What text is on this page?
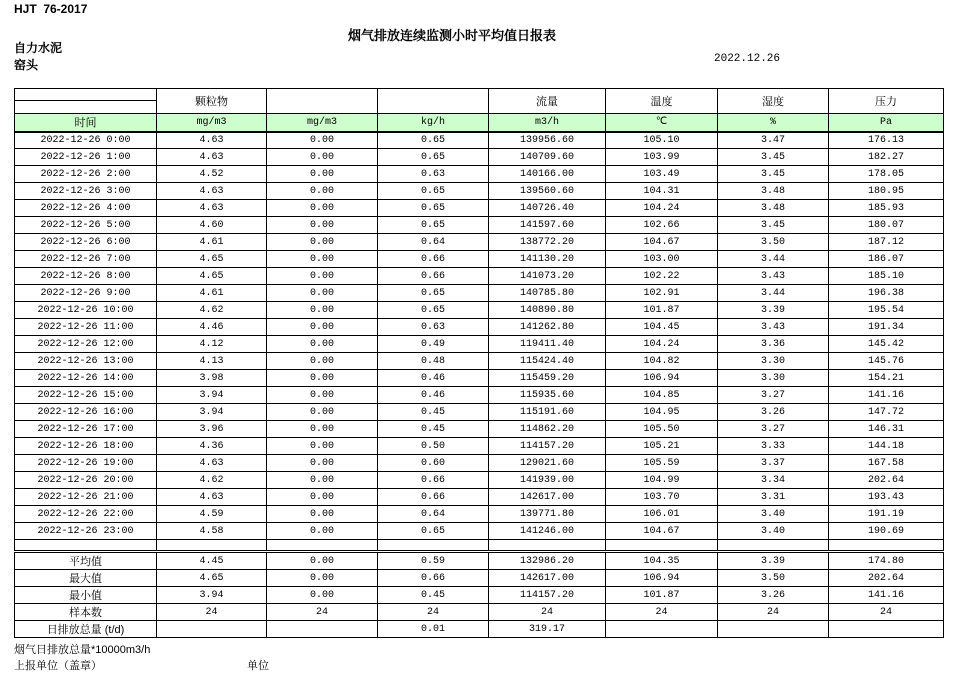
HJT  76-2017
烟气排放连续监测小时平均值日报表
自力水泥
窑头	2022.12.26
	颗粒物			流量	温度	湿度	压力
时间	mg/m3	mg/m3	kg/h	m3/h	℃	%	Pa
2022-12-26 0:00	4.63	0.00	0.65	139956.60	105.10	3.47	176.13
2022-12-26 1:00	4.63	0.00	0.65	140709.60	103.99	3.45	182.27
2022-12-26 2:00	4.52	0.00	0.63	140166.00	103.49	3.45	178.05
2022-12-26 3:00	4.63	0.00	0.65	139560.60	104.31	3.48	180.95
2022-12-26 4:00	4.63	0.00	0.65	140726.40	104.24	3.48	185.93
2022-12-26 5:00	4.60	0.00	0.65	141597.60	102.66	3.45	180.07
2022-12-26 6:00	4.61	0.00	0.64	138772.20	104.67	3.50	187.12
2022-12-26 7:00	4.65	0.00	0.66	141130.20	103.00	3.44	186.07
2022-12-26 8:00	4.65	0.00	0.66	141073.20	102.22	3.43	185.10
2022-12-26 9:00	4.61	0.00	0.65	140785.80	102.91	3.44	196.38
2022-12-26 10:00	4.62	0.00	0.65	140890.80	101.87	3.39	195.54
2022-12-26 11:00	4.46	0.00	0.63	141262.80	104.45	3.43	191.34
2022-12-26 12:00	4.12	0.00	0.49	119411.40	104.24	3.36	145.42
2022-12-26 13:00	4.13	0.00	0.48	115424.40	104.82	3.30	145.76
2022-12-26 14:00	3.98	0.00	0.46	115459.20	106.94	3.30	154.21
2022-12-26 15:00	3.94	0.00	0.46	115935.60	104.85	3.27	141.16
2022-12-26 16:00	3.94	0.00	0.45	115191.60	104.95	3.26	147.72
2022-12-26 17:00	3.96	0.00	0.45	114862.20	105.50	3.27	146.31
2022-12-26 18:00	4.36	0.00	0.50	114157.20	105.21	3.33	144.18
2022-12-26 19:00	4.63	0.00	0.60	129021.60	105.59	3.37	167.58
2022-12-26 20:00	4.62	0.00	0.66	141939.00	104.99	3.34	202.64
2022-12-26 21:00	4.63	0.00	0.66	142617.00	103.70	3.31	193.43
2022-12-26 22:00	4.59	0.00	0.64	139771.80	106.01	3.40	191.19
2022-12-26 23:00	4.58	0.00	0.65	141246.00	104.67	3.40	190.69

平均值	4.45	0.00	0.59	132986.20	104.35	3.39	174.80
最大值	4.65	0.00	0.66	142617.00	106.94	3.50	202.64
最小值	3.94	0.00	0.45	114157.20	101.87	3.26	141.16
样本数	24	24	24	24	24	24	24
日排放总量 (t/d)			0.01	319.17			
烟气日排放总量*10000m3/h
上报单位（盖章）	单位
